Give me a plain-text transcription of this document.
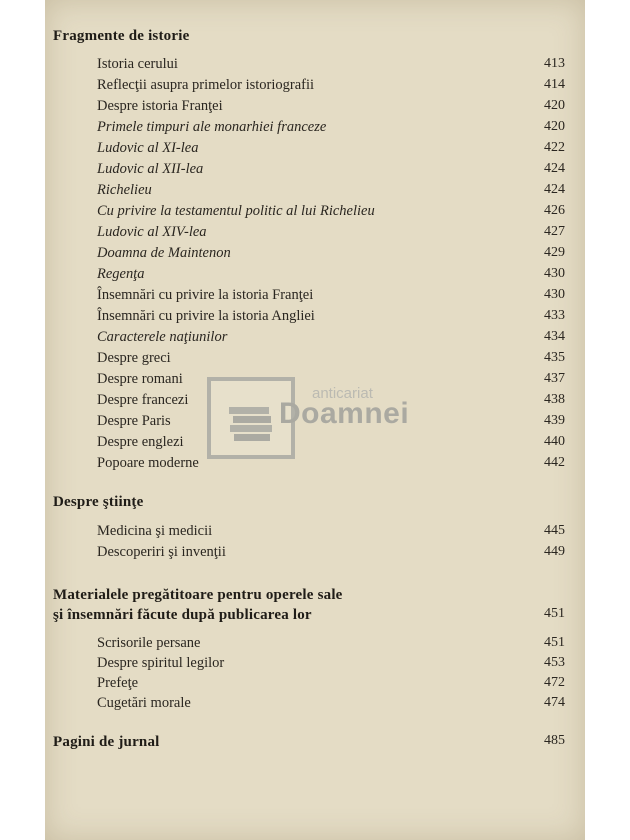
Fragmente de istorie
Istoria cerului	413
Reflecţii asupra primelor istoriografii	414
Despre istoria Franţei	420
Primele timpuri ale monarhiei franceze	420
Ludovic al XI-lea	422
Ludovic al XII-lea	424
Richelieu	424
Cu privire la testamentul politic al lui Richelieu	426
Ludovic al XIV-lea	427
Doamna de Maintenon	429
Regenţa	430
Însemnări cu privire la istoria Franţei	430
Însemnări cu privire la istoria Angliei	433
Caracterele naţiunilor	434
Despre greci	435
Despre romani	437
Despre francezi	438
Despre Paris	439
Despre englezi	440
Popoare moderne	442
Despre ştiinţe
Medicina şi medicii	445
Descoperiri şi invenţii	449
Materialele pregătitoare pentru operele sale
şi însemnări făcute după publicarea lor	451
Scrisorile persane	451
Despre spiritul legilor	453
Prefeţe	472
Cugetări morale	474
Pagini de jurnal	485
anticariat
Doamnei
